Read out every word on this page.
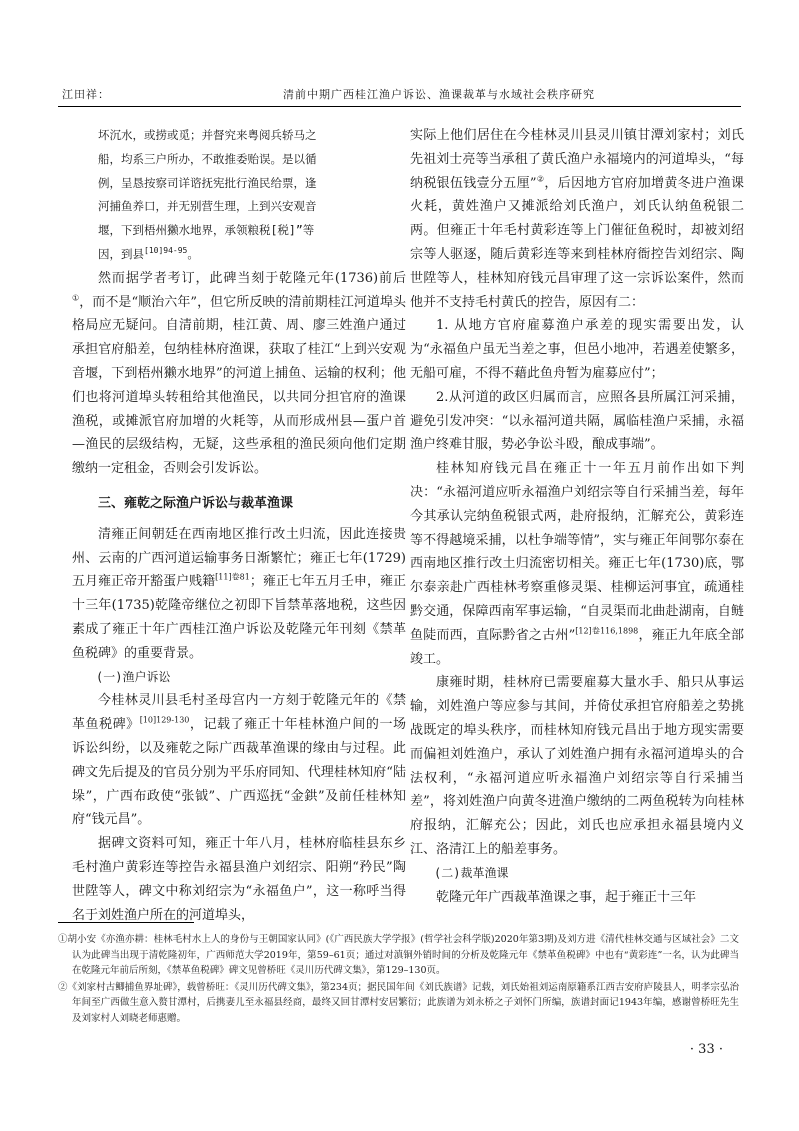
江田祥：	清前中期广西桂江渔户诉讼、渔课裁革与水域社会秩序研究
坏沉水，或捞或觅；并督究来粤阅兵轿马之
船，均系三户所办，不敢推委贻误。是以循
例，呈恳按察司详谘抚宪批行渔民给票，逢
河捕鱼养口，并无别营生理，上到兴安观音
堰，下到梧州獭水地界，承领粮税[税]”等
因，到县$^{[10]94-95}$。

然而据学者考订，此碑当刻于乾隆元年(1736)前后①，而不是“顺治六年”，但它所反映的清前期桂江河道埠头格局应无疑问。自清前期，桂江黄、周、廖三姓渔户通过承担官府船差，包纳桂林府渔课，获取了桂江“上到兴安观音堰，下到梧州獭水地界”的河道上捕鱼、运输的权利；他们也将河道埠头转租给其他渔民，以共同分担官府的渔课渔税，或摊派官府加增的火耗等，从而形成州县—蛋户首—渔民的层级结构，无疑，这些承租的渔民须向他们定期缴纳一定租金，否则会引发诉讼。

三、雍乾之际渔户诉讼与裁革渔课

清雍正间朝廷在西南地区推行改土归流，因此连接贵州、云南的广西河道运输事务日渐繁忙；雍正七年(1729)五月雍正帝开豁蛋户贱籍$^{[11]卷81}$；雍正七年五月壬申，雍正十三年(1735)乾隆帝继位之初即下旨禁革落地税，这些因素成了雍正十年广西桂江渔户诉讼及乾隆元年刊刻《禁革鱼税碑》的重要背景。

(一)渔户诉讼

今桂林灵川县毛村圣母宫内一方刻于乾隆元年的《禁革鱼税碑》$^{[10]129-130}$，记载了雍正十年桂林渔户间的一场诉讼纠纷，以及雍乾之际广西裁革渔课的缘由与过程。此碑文先后提及的官员分别为平乐府同知、代理桂林知府“陆垛”，广西布政使“张钺”、广西巡抚“金鉷”及前任桂林知府“钱元昌”。

据碑文资料可知，雍正十年八月，桂林府临桂县东乡毛村渔户黄彩连等控告永福县渔户刘绍宗、阳朔“矜民”陶世陞等人，碑文中称刘绍宗为“永福鱼户”，这一称呼当得名于刘姓渔户所在的河道埠头，

实际上他们居住在今桂林灵川县灵川镇甘潭刘家村；刘氏先祖刘士亮等当承租了黄氏渔户永福境内的河道埠头，“每纳税银伍钱壹分五厘”②，后因地方官府加增黄冬进户渔课火耗，黄姓渔户又摊派给刘氏渔户，刘氏认纳鱼税银二两。但雍正十年毛村黄彩连等上门催征鱼税时，却被刘绍宗等人驱逐，随后黄彩连等来到桂林府衙控告刘绍宗、陶世陞等人，桂林知府钱元昌审理了这一宗诉讼案件，然而他并不支持毛村黄氏的控告，原因有二：

1. 从地方官府雇募渔户承差的现实需要出发，认为“永福鱼户虽无当差之事，但邑小地冲，若遇差使繁多，无船可雇，不得不藉此鱼舟暂为雇募应付”；

2.从河道的政区归属而言，应照各县所属江河采捕，避免引发冲突：“以永福河道共隔，属临桂渔户采捕，永福渔户终难甘服，势必争讼斗殴，酿成事端”。

桂林知府钱元昌在雍正十一年五月前作出如下判决：“永福河道应听永福渔户刘绍宗等自行采捕当差，每年今其承认完纳鱼税银式两，赴府报纳，汇解充公，黄彩连等不得越境采捕，以杜争端等情”，实与雍正年间鄂尔泰在西南地区推行改土归流密切相关。雍正七年(1730)底，鄂尔泰亲赴广西桂林考察重修灵渠、桂柳运河事宜，疏通桂黔交通，保障西南军事运输，“自灵渠而北曲赴湖南，自鲢鱼陡而西，直际黔省之古州”$^{[12]卷116,1898}$，雍正九年底全部竣工。

康雍时期，桂林府已需要雇募大量水手、船只从事运输，刘姓渔户等应参与其间，并倚仗承担官府船差之势挑战既定的埠头秩序，而桂林知府钱元昌出于地方现实需要而偏袒刘姓渔户，承认了刘姓渔户拥有永福河道埠头的合法权利，“永福河道应听永福渔户刘绍宗等自行采捕当差”，将刘姓渔户向黄冬进渔户缴纳的二两鱼税转为向桂林府报纳，汇解充公；因此，刘氏也应承担永福县境内义江、洛清江上的船差事务。

(二)裁革渔课

乾隆元年广西裁革渔课之事，起于雍正十三年

①胡小安《亦渔亦耕：桂林毛村水上人的身份与王朝国家认同》(《广西民族大学学报》(哲学社会科学版)2020年第3期)及刘方进《清代桂林交通与区域社会》二文认为此碑当出现于清乾隆初年，广西师范大学2019年，第59–61页；通过对滇铜外销时间的分析及乾隆元年《禁革鱼税碑》中也有“黄彩连”一名，认为此碑当在乾隆元年前后所刻，《禁革鱼税碑》碑文见曾桥旺《灵川历代碑文集》，第129–130页。

②《刘家村古鲫捕鱼界址碑》，载曾桥旺：《灵川历代碑文集》，第234页；据民国年间《刘氏族谱》记载，刘氏始祖刘运南原籍系江西吉安府庐陵县人，明孝宗弘治年间至广西做生意入赘甘潭村，后携妻儿至永福县经商，最终又回甘潭村安居繁衍；此族谱为刘永桥之子刘怀门所编，族谱封面记1943年编，感谢曾桥旺先生及刘家村人刘晓老师惠赠。

· 33 ·
